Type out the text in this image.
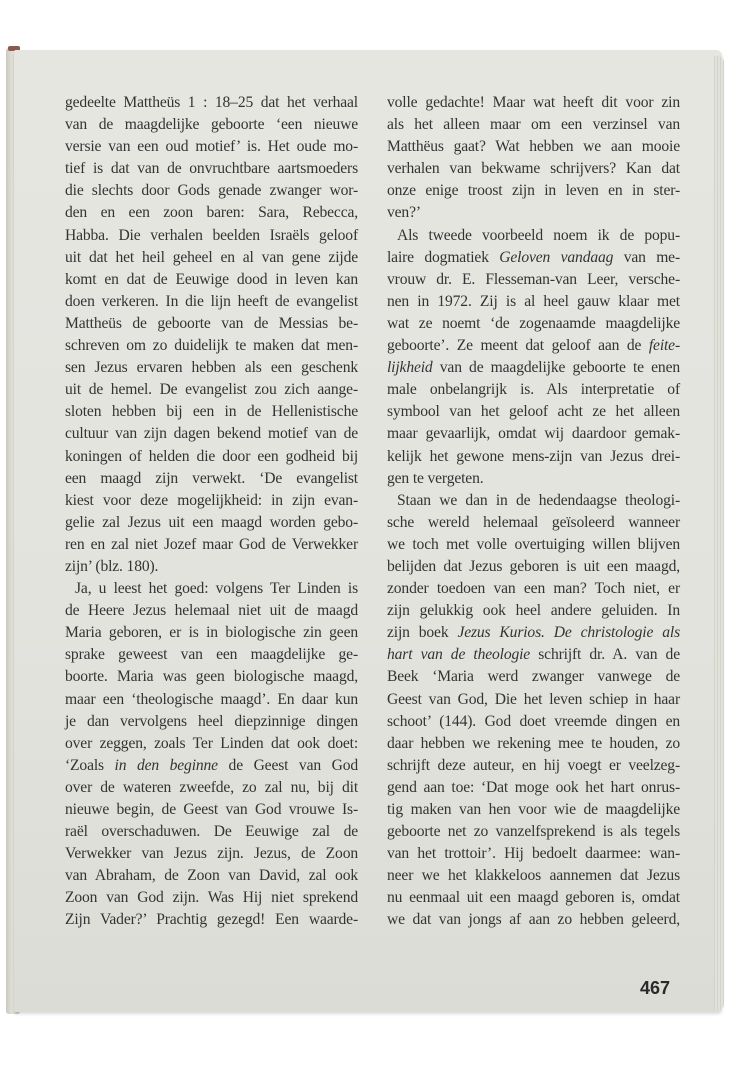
gedeelte Mattheüs 1 : 18–25 dat het verhaal
van de maagdelijke geboorte ‘een nieuwe
versie van een oud motief’ is. Het oude mo-
tief is dat van de onvruchtbare aartsmoeders
die slechts door Gods genade zwanger wor-
den en een zoon baren: Sara, Rebecca,
Habba. Die verhalen beelden Israëls geloof
uit dat het heil geheel en al van gene zijde
komt en dat de Eeuwige dood in leven kan
doen verkeren. In die lijn heeft de evangelist
Mattheüs de geboorte van de Messias be-
schreven om zo duidelijk te maken dat men-
sen Jezus ervaren hebben als een geschenk
uit de hemel. De evangelist zou zich aange-
sloten hebben bij een in de Hellenistische
cultuur van zijn dagen bekend motief van de
koningen of helden die door een godheid bij
een maagd zijn verwekt. ‘De evangelist
kiest voor deze mogelijkheid: in zijn evan-
gelie zal Jezus uit een maagd worden gebo-
ren en zal niet Jozef maar God de Verwekker
zijn’ (blz. 180).
Ja, u leest het goed: volgens Ter Linden is
de Heere Jezus helemaal niet uit de maagd
Maria geboren, er is in biologische zin geen
sprake geweest van een maagdelijke ge-
boorte. Maria was geen biologische maagd,
maar een ‘theologische maagd’. En daar kun
je dan vervolgens heel diepzinnige dingen
over zeggen, zoals Ter Linden dat ook doet:
‘Zoals in den beginne de Geest van God
over de wateren zweefde, zo zal nu, bij dit
nieuwe begin, de Geest van God vrouwe Is-
raël overschaduwen. De Eeuwige zal de
Verwekker van Jezus zijn. Jezus, de Zoon
van Abraham, de Zoon van David, zal ook
Zoon van God zijn. Was Hij niet sprekend
Zijn Vader?’ Prachtig gezegd! Een waarde-
volle gedachte! Maar wat heeft dit voor zin
als het alleen maar om een verzinsel van
Matthëus gaat? Wat hebben we aan mooie
verhalen van bekwame schrijvers? Kan dat
onze enige troost zijn in leven en in ster-
ven?’
Als tweede voorbeeld noem ik de popu-
laire dogmatiek Geloven vandaag van me-
vrouw dr. E. Flesseman-van Leer, versche-
nen in 1972. Zij is al heel gauw klaar met
wat ze noemt ‘de zogenaamde maagdelijke
geboorte’. Ze meent dat geloof aan de feite-
lijkheid van de maagdelijke geboorte te enen
male onbelangrijk is. Als interpretatie of
symbool van het geloof acht ze het alleen
maar gevaarlijk, omdat wij daardoor gemak-
kelijk het gewone mens-zijn van Jezus drei-
gen te vergeten.
Staan we dan in de hedendaagse theologi-
sche wereld helemaal geïsoleerd wanneer
we toch met volle overtuiging willen blijven
belijden dat Jezus geboren is uit een maagd,
zonder toedoen van een man? Toch niet, er
zijn gelukkig ook heel andere geluiden. In
zijn boek Jezus Kurios. De christologie als
hart van de theologie schrijft dr. A. van de
Beek ‘Maria werd zwanger vanwege de
Geest van God, Die het leven schiep in haar
schoot’ (144). God doet vreemde dingen en
daar hebben we rekening mee te houden, zo
schrijft deze auteur, en hij voegt er veelzeg-
gend aan toe: ‘Dat moge ook het hart onrus-
tig maken van hen voor wie de maagdelijke
geboorte net zo vanzelfsprekend is als tegels
van het trottoir’. Hij bedoelt daarmee: wan-
neer we het klakkeloos aannemen dat Jezus
nu eenmaal uit een maagd geboren is, omdat
we dat van jongs af aan zo hebben geleerd,
467
